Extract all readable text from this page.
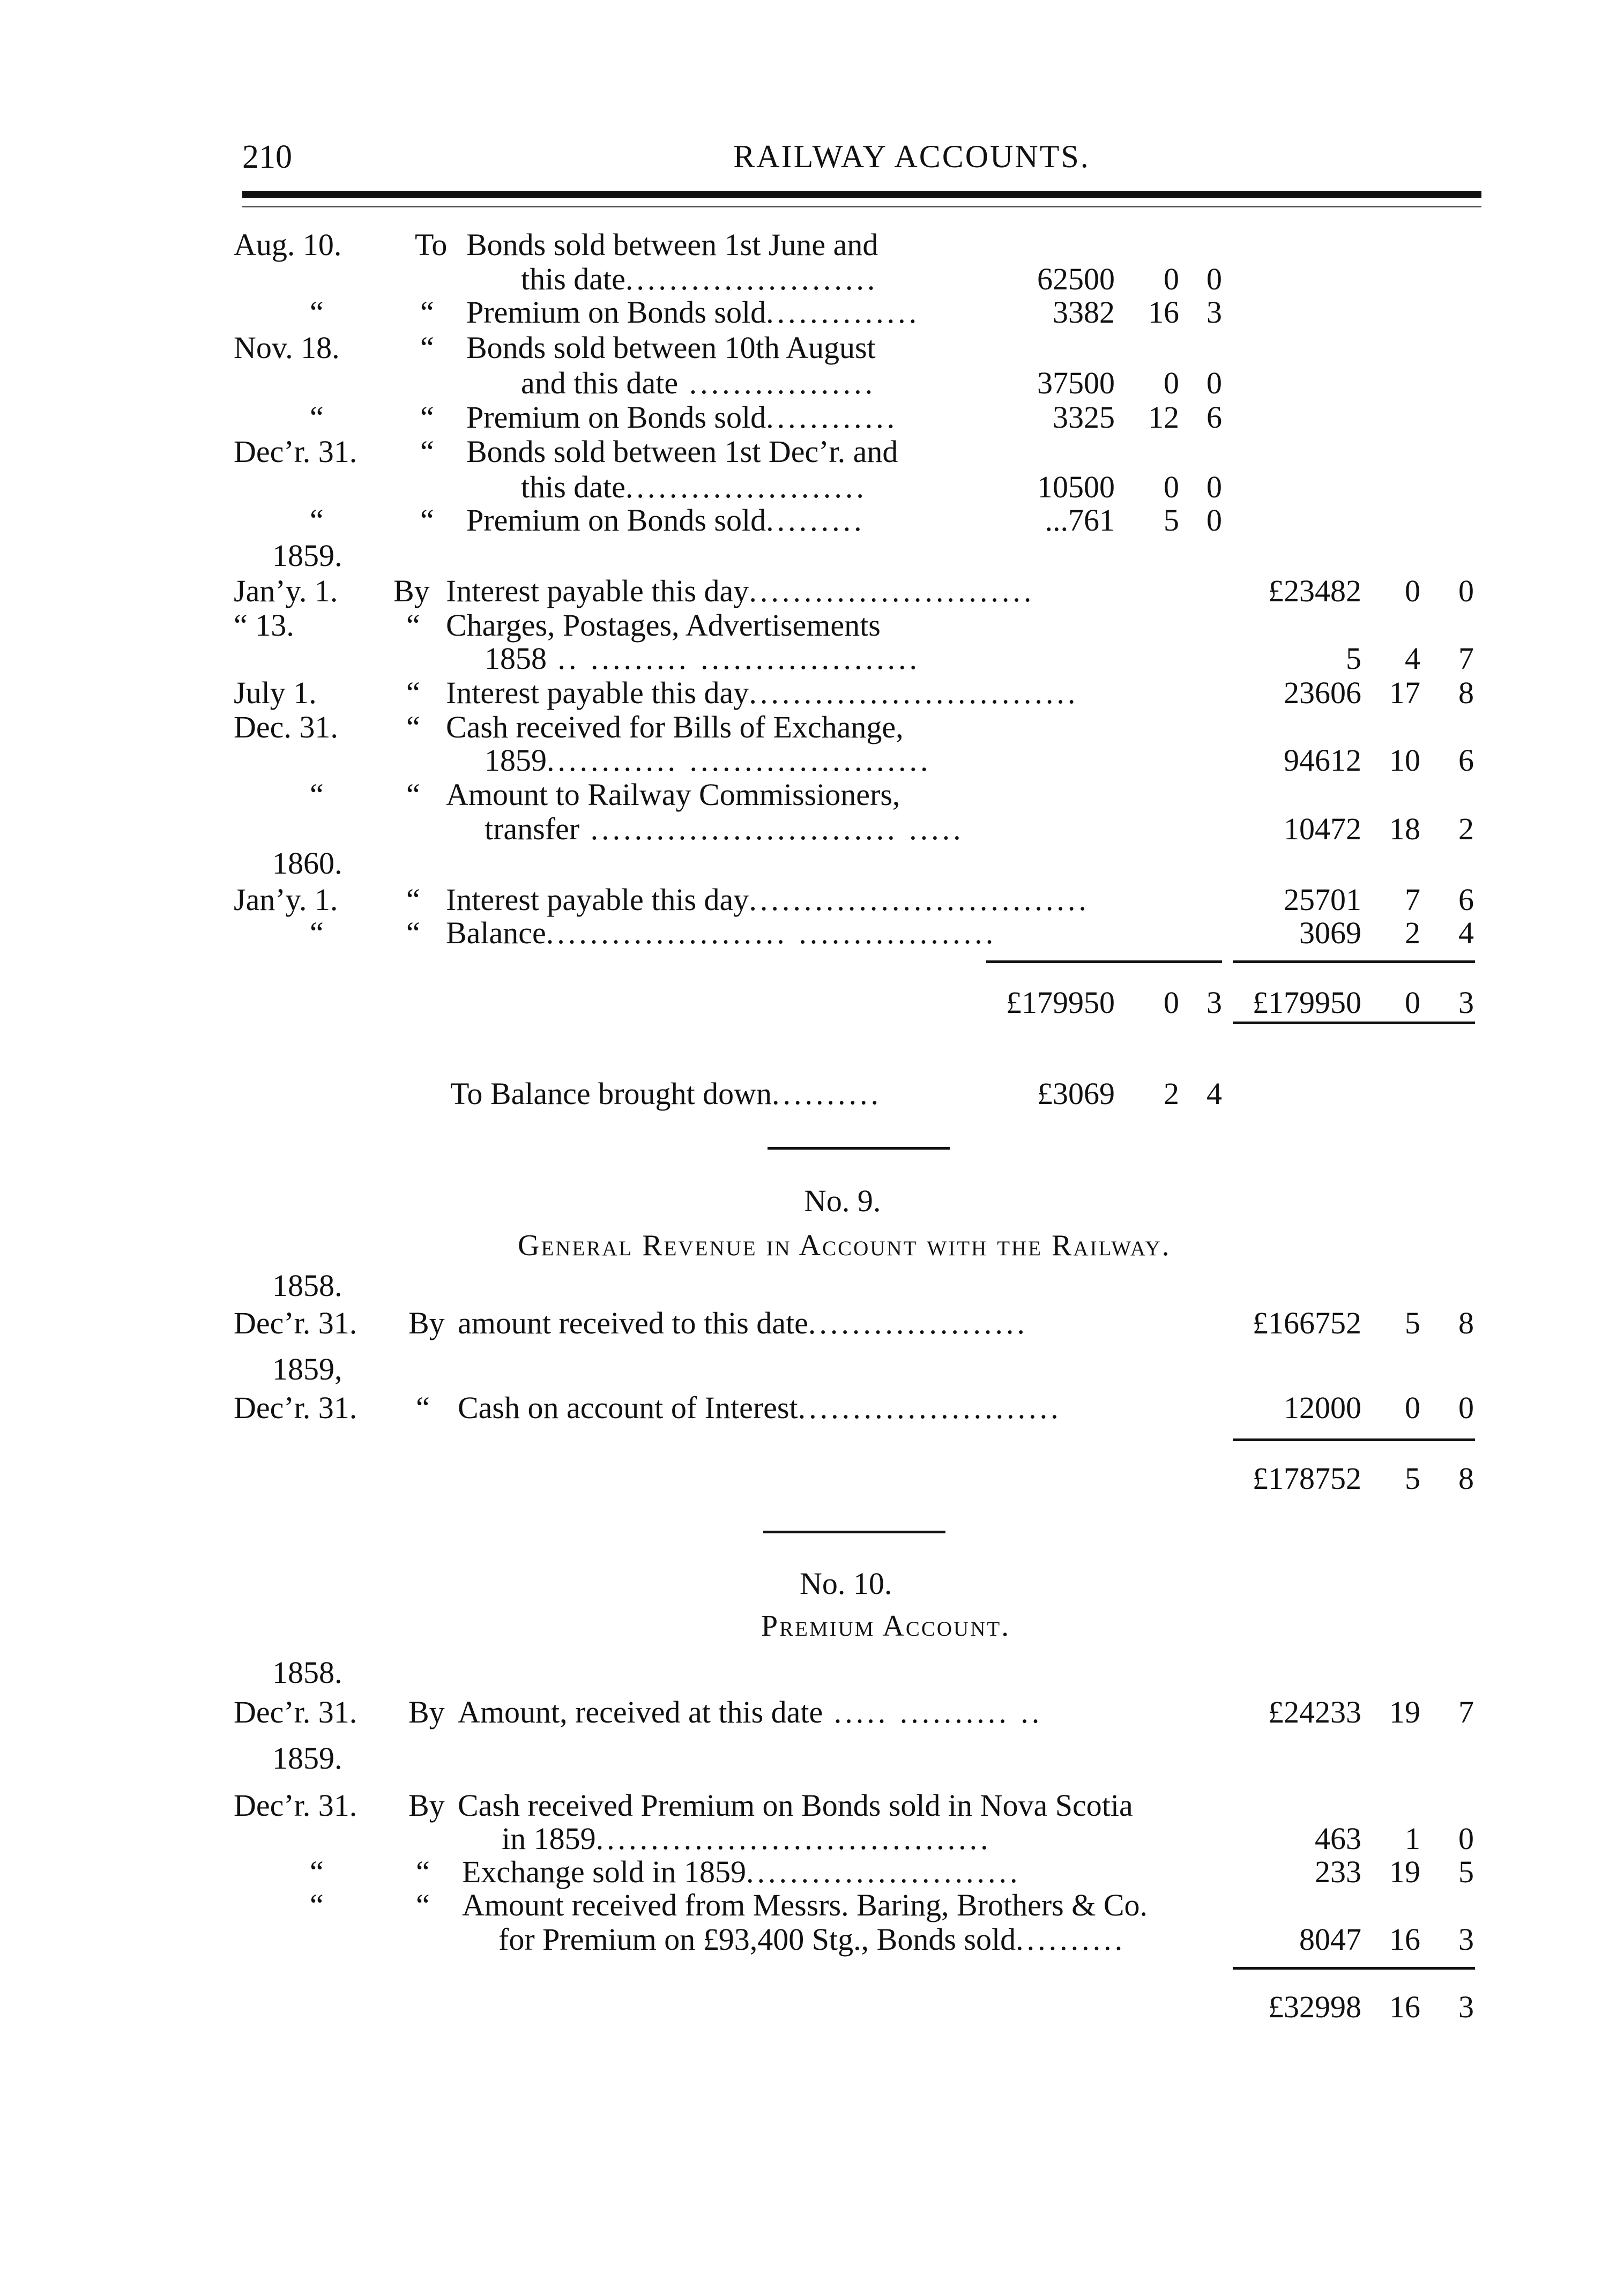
210	RAILWAY ACCOUNTS.
Aug. 10. To Bonds sold between 1st June and
this date.......................	62500	0 0
“	“ Premium on Bonds sold..............	3382	16 3
Nov. 18.	“ Bonds sold between 10th August
and this date .................	37500	0 0
“	“ Premium on Bonds sold............	3325	12 6
Dec’r. 31. “ Bonds sold between 1st Dec’r. and
this date......................	10500	0 0
“	“ Premium on Bonds sold.........	...761	5 0
1859.
Jan’y. 1. By Interest payable this day..........................	£23482	0	0
“ 13.	“ Charges, Postages, Advertisements
1858 .. ......... ....................	5	4	7
July 1.	“ Interest payable this day..............................	23606 17	8
Dec. 31. “ Cash received for Bills of Exchange,
1859............ ......................	94612 10	6
“	“ Amount to Railway Commissioners,
transfer ............................ .....	10472 18	2
1860.
Jan’y. 1. “ Interest payable this day...............................	25701	7	6
“	“ Balance...................... ..................	3069	2	4
£179950	0 3 £179950	0	3
To Balance brought down..........	£3069	2 4
No. 9.
General Revenue in Account with the Railway.
1858.
Dec’r. 31. By amount received to this date....................	£166752	5	8
1859,
Dec’r. 31. “ Cash on account of Interest........................	12000	0	0
£178752	5	8
No. 10.
Premium Account.
1858.
Dec’r. 31. By Amount, received at this date ..... .......... ..	£24233 19	7
1859.
Dec’r. 31. By Cash received Premium on Bonds sold in Nova Scotia
in 1859....................................	463	1	0
“	“ Exchange sold in 1859.........................	233 19	5
“	“ Amount received from Messrs. Baring, Brothers & Co.
for Premium on £93,400 Stg., Bonds sold..........	8047 16	3
£32998 16	3
